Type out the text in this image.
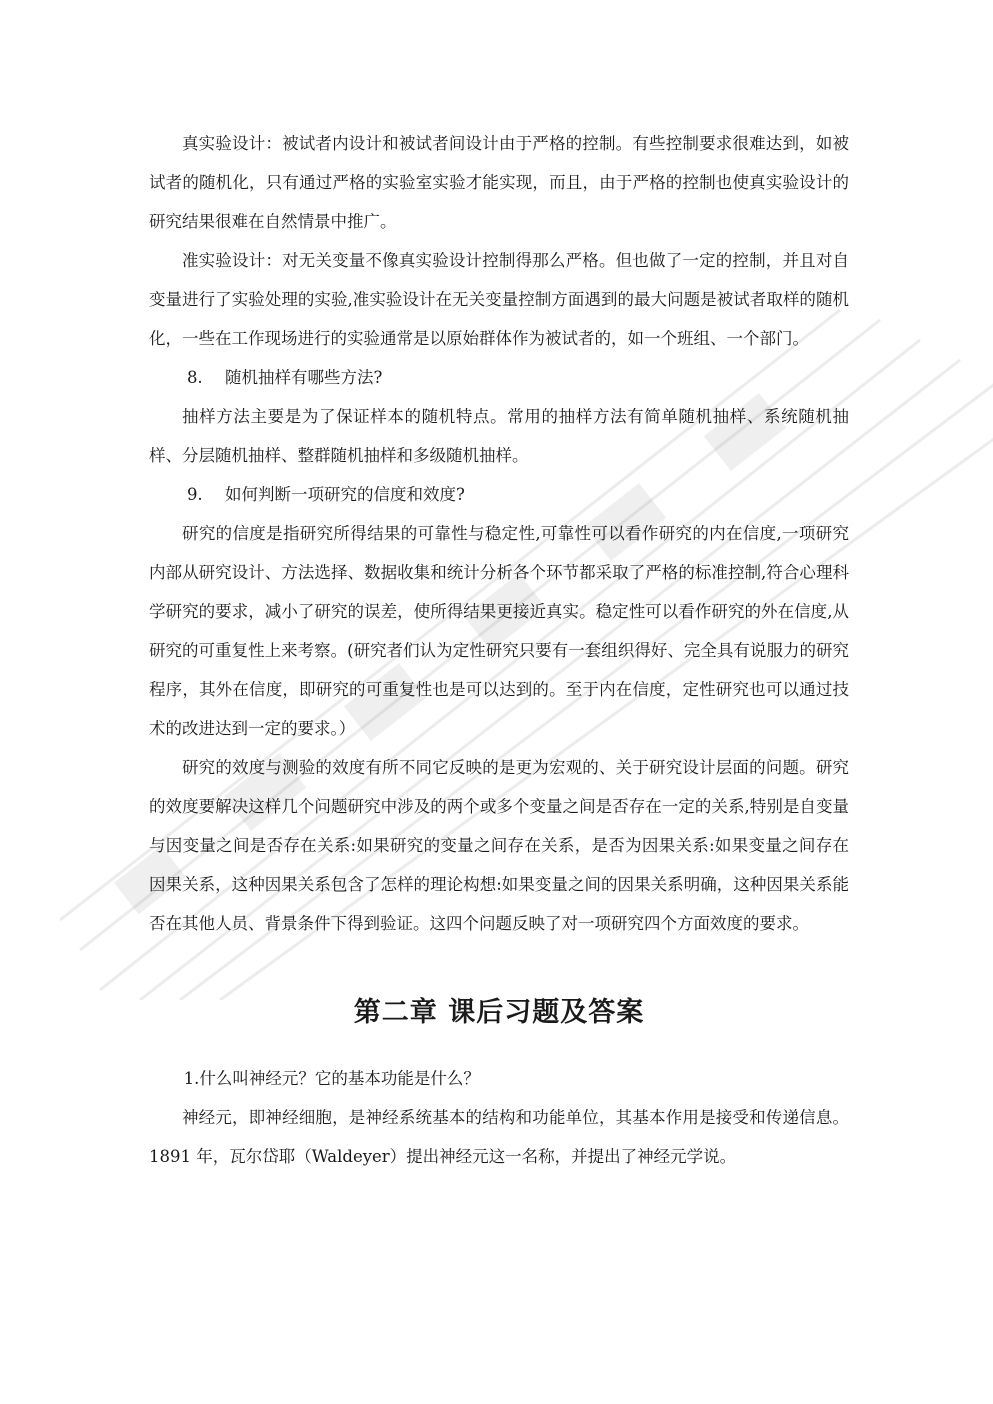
真实验设计：被试者内设计和被试者间设计由于严格的控制。有些控制要求很难达到，如被试者的随机化，只有通过严格的实验室实验才能实现，而且，由于严格的控制也使真实验设计的研究结果很难在自然情景中推广。

准实验设计：对无关变量不像真实验设计控制得那么严格。但也做了一定的控制，并且对自变量进行了实验处理的实验,准实验设计在无关变量控制方面遇到的最大问题是被试者取样的随机化，一些在工作现场进行的实验通常是以原始群体作为被试者的，如一个班组、一个部门。

8. 随机抽样有哪些方法?

抽样方法主要是为了保证样本的随机特点。常用的抽样方法有简单随机抽样、系统随机抽样、分层随机抽样、整群随机抽样和多级随机抽样。

9. 如何判断一项研究的信度和效度?

研究的信度是指研究所得结果的可靠性与稳定性,可靠性可以看作研究的内在信度,一项研究内部从研究设计、方法选择、数据收集和统计分析各个环节都采取了严格的标准控制,符合心理科学研究的要求，减小了研究的误差，使所得结果更接近真实。稳定性可以看作研究的外在信度,从研究的可重复性上来考察。(研究者们认为定性研究只要有一套组织得好、完全具有说服力的研究程序，其外在信度，即研究的可重复性也是可以达到的。至于内在信度，定性研究也可以通过技术的改进达到一定的要求。）

研究的效度与测验的效度有所不同它反映的是更为宏观的、关于研究设计层面的问题。研究的效度要解决这样几个问题研究中涉及的两个或多个变量之间是否存在一定的关系,特别是自变量与因变量之间是否存在关系:如果研究的变量之间存在关系，是否为因果关系:如果变量之间存在因果关系，这种因果关系包含了怎样的理论构想:如果变量之间的因果关系明确，这种因果关系能否在其他人员、背景条件下得到验证。这四个问题反映了对一项研究四个方面效度的要求。

第二章 课后习题及答案

1.什么叫神经元？它的基本功能是什么？

神经元，即神经细胞，是神经系统基本的结构和功能单位，其基本作用是接受和传递信息。1891 年，瓦尔岱耶（Waldeyer）提出神经元这一名称，并提出了神经元学说。
